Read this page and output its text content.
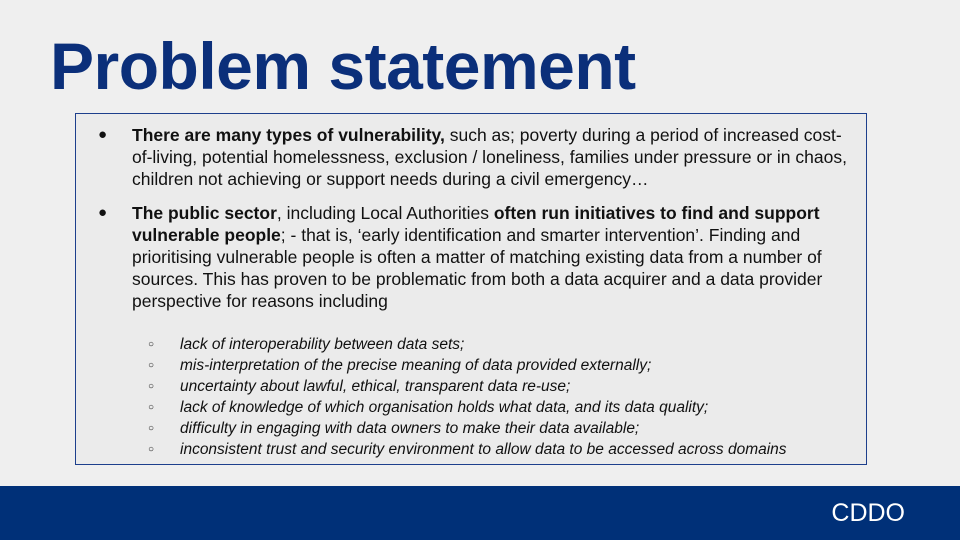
Problem statement
● There are many types of vulnerability, such as; poverty during a period of increased cost-of-living, potential homelessness, exclusion / loneliness, families under pressure or in chaos, children not achieving or support needs during a civil emergency…
● The public sector, including Local Authorities often run initiatives to find and support vulnerable people; - that is, ‘early identification and smarter intervention’. Finding and prioritising vulnerable people is often a matter of matching existing data from a number of sources. This has proven to be problematic from both a data acquirer and a data provider perspective for reasons including
○ lack of interoperability between data sets;
○ mis-interpretation of the precise meaning of data provided externally;
○ uncertainty about lawful, ethical, transparent data re-use;
○ lack of knowledge of which organisation holds what data, and its data quality;
○ difficulty in engaging with data owners to make their data available;
○ inconsistent trust and security environment to allow data to be accessed across domains
CDDO
